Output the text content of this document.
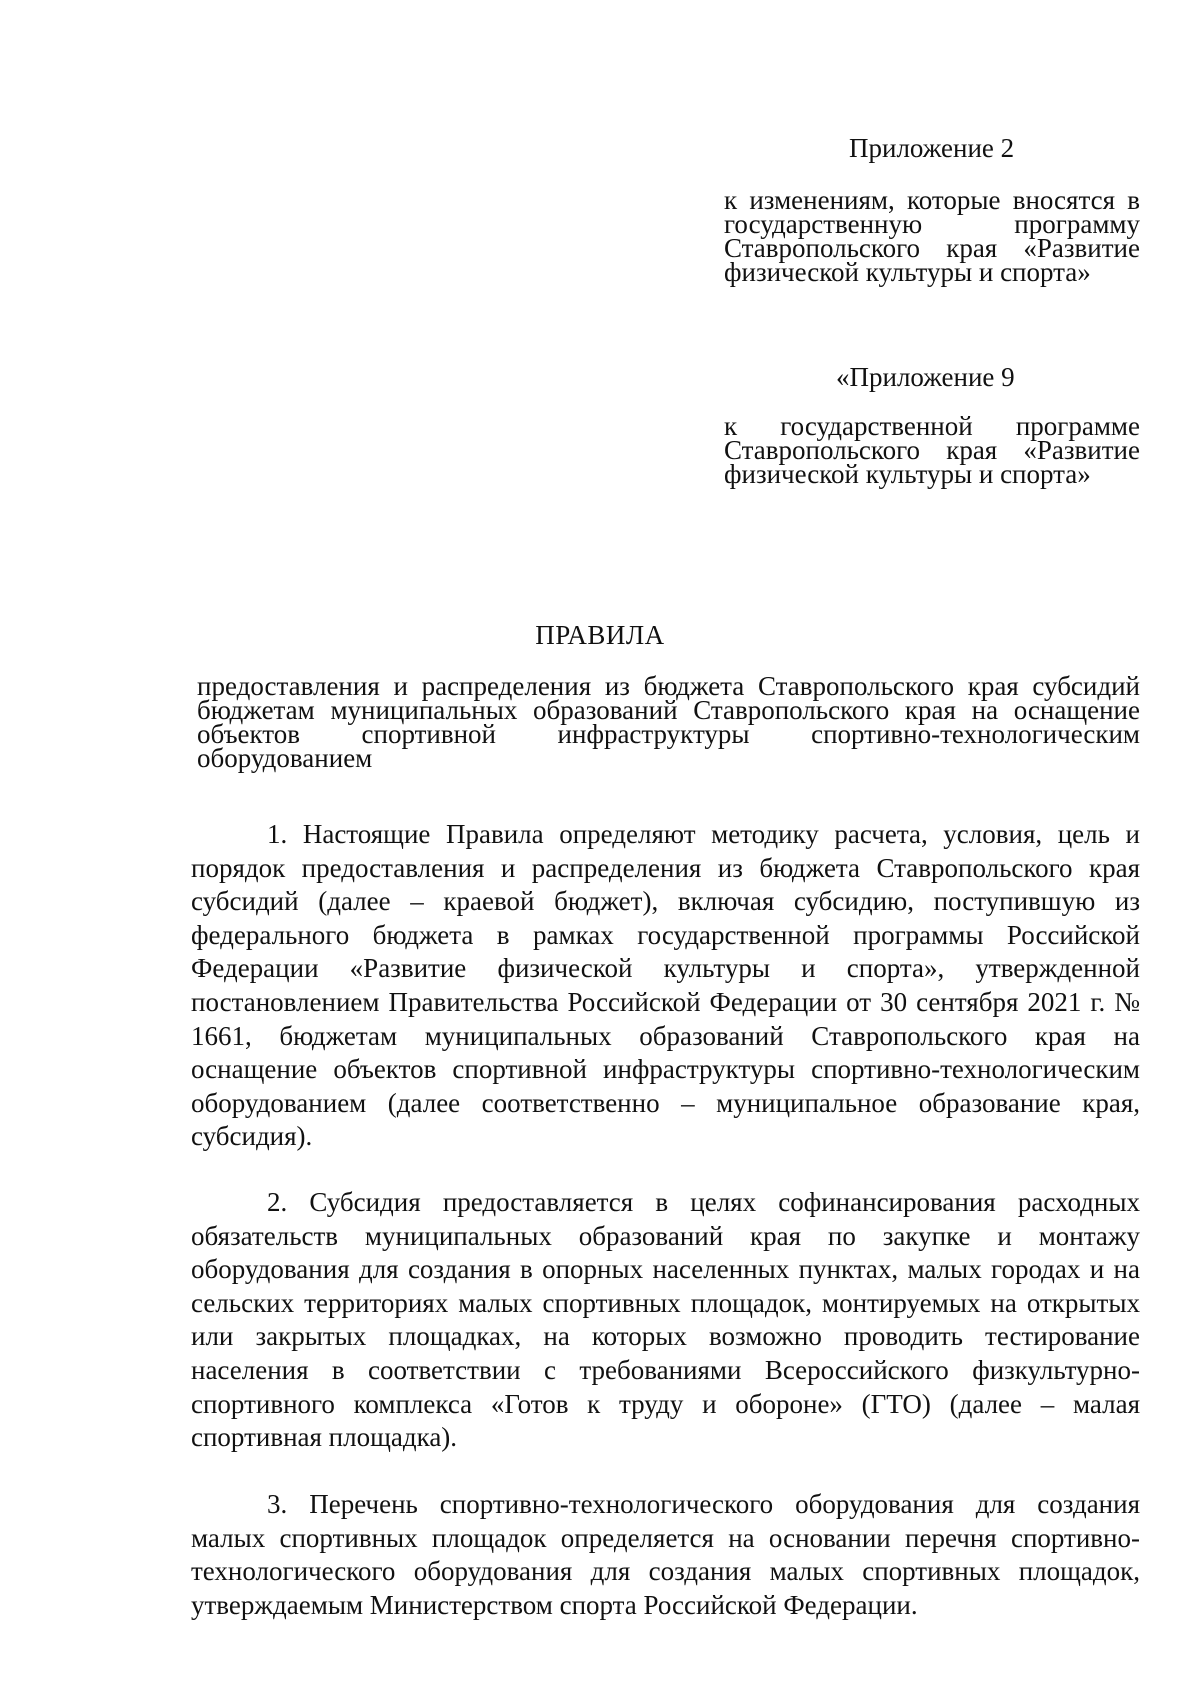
Приложение 2
к изменениям, которые вносятся в государственную программу Ставропольского края «Развитие физической культуры и спорта»
«Приложение 9
к государственной программе Ставропольского края «Развитие физической культуры и спорта»
ПРАВИЛА
предоставления и распределения из бюджета Ставропольского края субсидий бюджетам муниципальных образований Ставропольского края на оснащение объектов спортивной инфраструктуры спортивно-технологическим оборудованием
1. Настоящие Правила определяют методику расчета, условия, цель и порядок предоставления и распределения из бюджета Ставропольского края субсидий (далее – краевой бюджет), включая субсидию, поступившую из федерального бюджета в рамках государственной программы Российской Федерации «Развитие физической культуры и спорта», утвержденной постановлением Правительства Российской Федерации от 30 сентября 2021 г. № 1661, бюджетам муниципальных образований Ставропольского края на оснащение объектов спортивной инфраструктуры спортивно-технологическим оборудованием (далее соответственно – муниципальное образование края, субсидия).
2. Субсидия предоставляется в целях софинансирования расходных обязательств муниципальных образований края по закупке и монтажу оборудования для создания в опорных населенных пунктах, малых городах и на сельских территориях малых спортивных площадок, монтируемых на открытых или закрытых площадках, на которых возможно проводить тестирование населения в соответствии с требованиями Всероссийского физкультурно-спортивного комплекса «Готов к труду и обороне» (ГТО) (далее – малая спортивная площадка).
3. Перечень спортивно-технологического оборудования для создания малых спортивных площадок определяется на основании перечня спортивно-технологического оборудования для создания малых спортивных площадок, утверждаемым Министерством спорта Российской Федерации.
